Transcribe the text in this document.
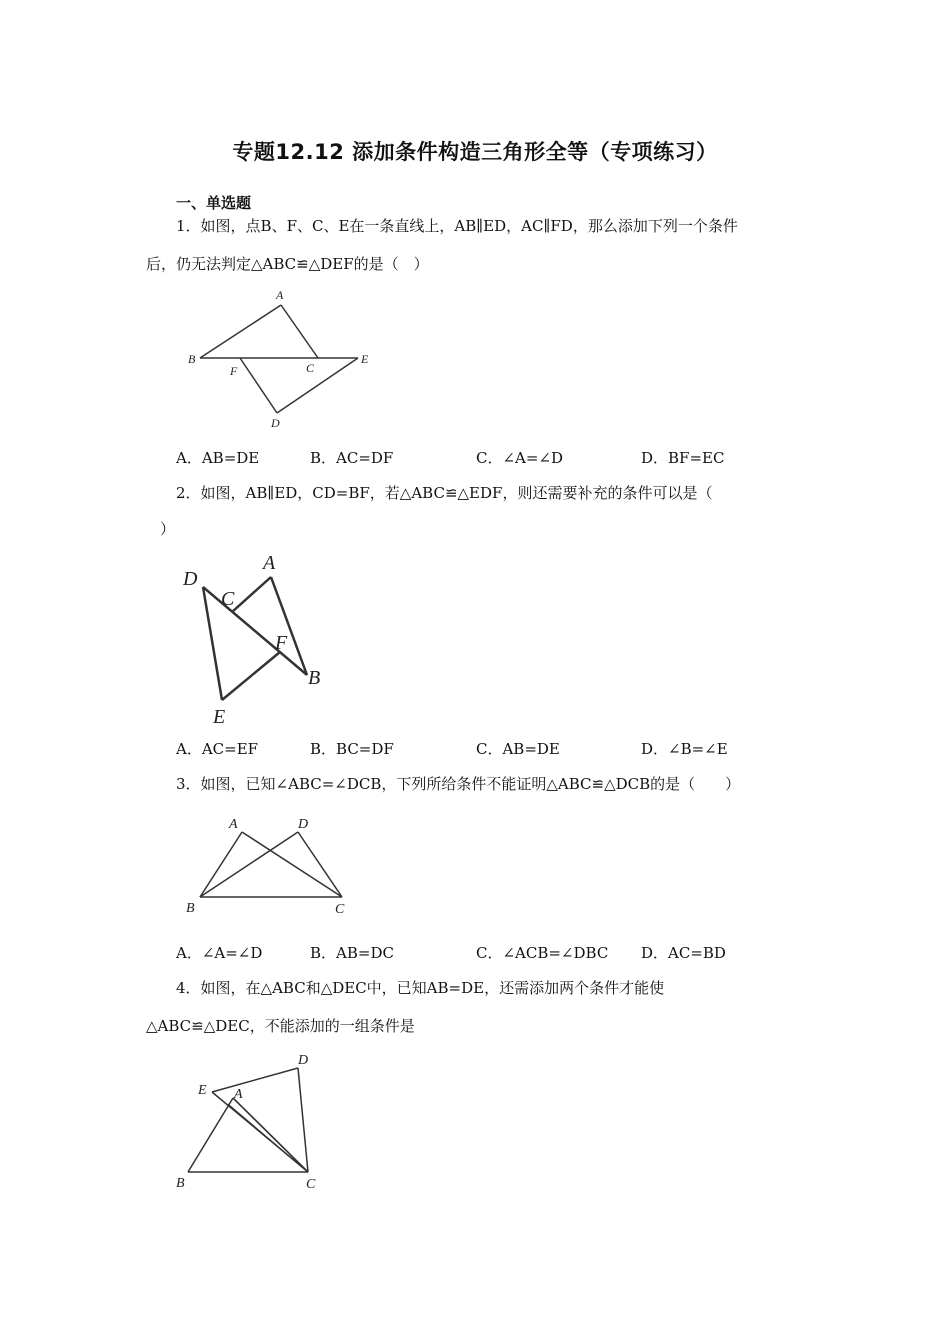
专题12.12 添加条件构造三角形全等（专项练习）
一、单选题
1．如图，点B、F、C、E在一条直线上，AB∥ED，AC∥FD，那么添加下列一个条件
后，仍无法判定△ABC≌△DEF的是（　）
A
B
F	C
E
D
A．AB=DE	B．AC=DF	C．∠A=∠D	D．BF=EC
2．如图，AB∥ED，CD=BF，若△ABC≌△EDF，则还需要补充的条件可以是（
）
D
A
C
F
B
E
A．AC=EF	B．BC=DF	C．AB=DE	D．∠B=∠E
3．如图，已知∠ABC=∠DCB，下列所给条件不能证明△ABC≌△DCB的是（　　）
A	D
B	C
A．∠A=∠D	B．AB=DC	C．∠ACB=∠DBC D．AC=BD
4．如图，在△ABC和△DEC中，已知AB=DE，还需添加两个条件才能使
△ABC≌△DEC，不能添加的一组条件是
D
E A
B	C
